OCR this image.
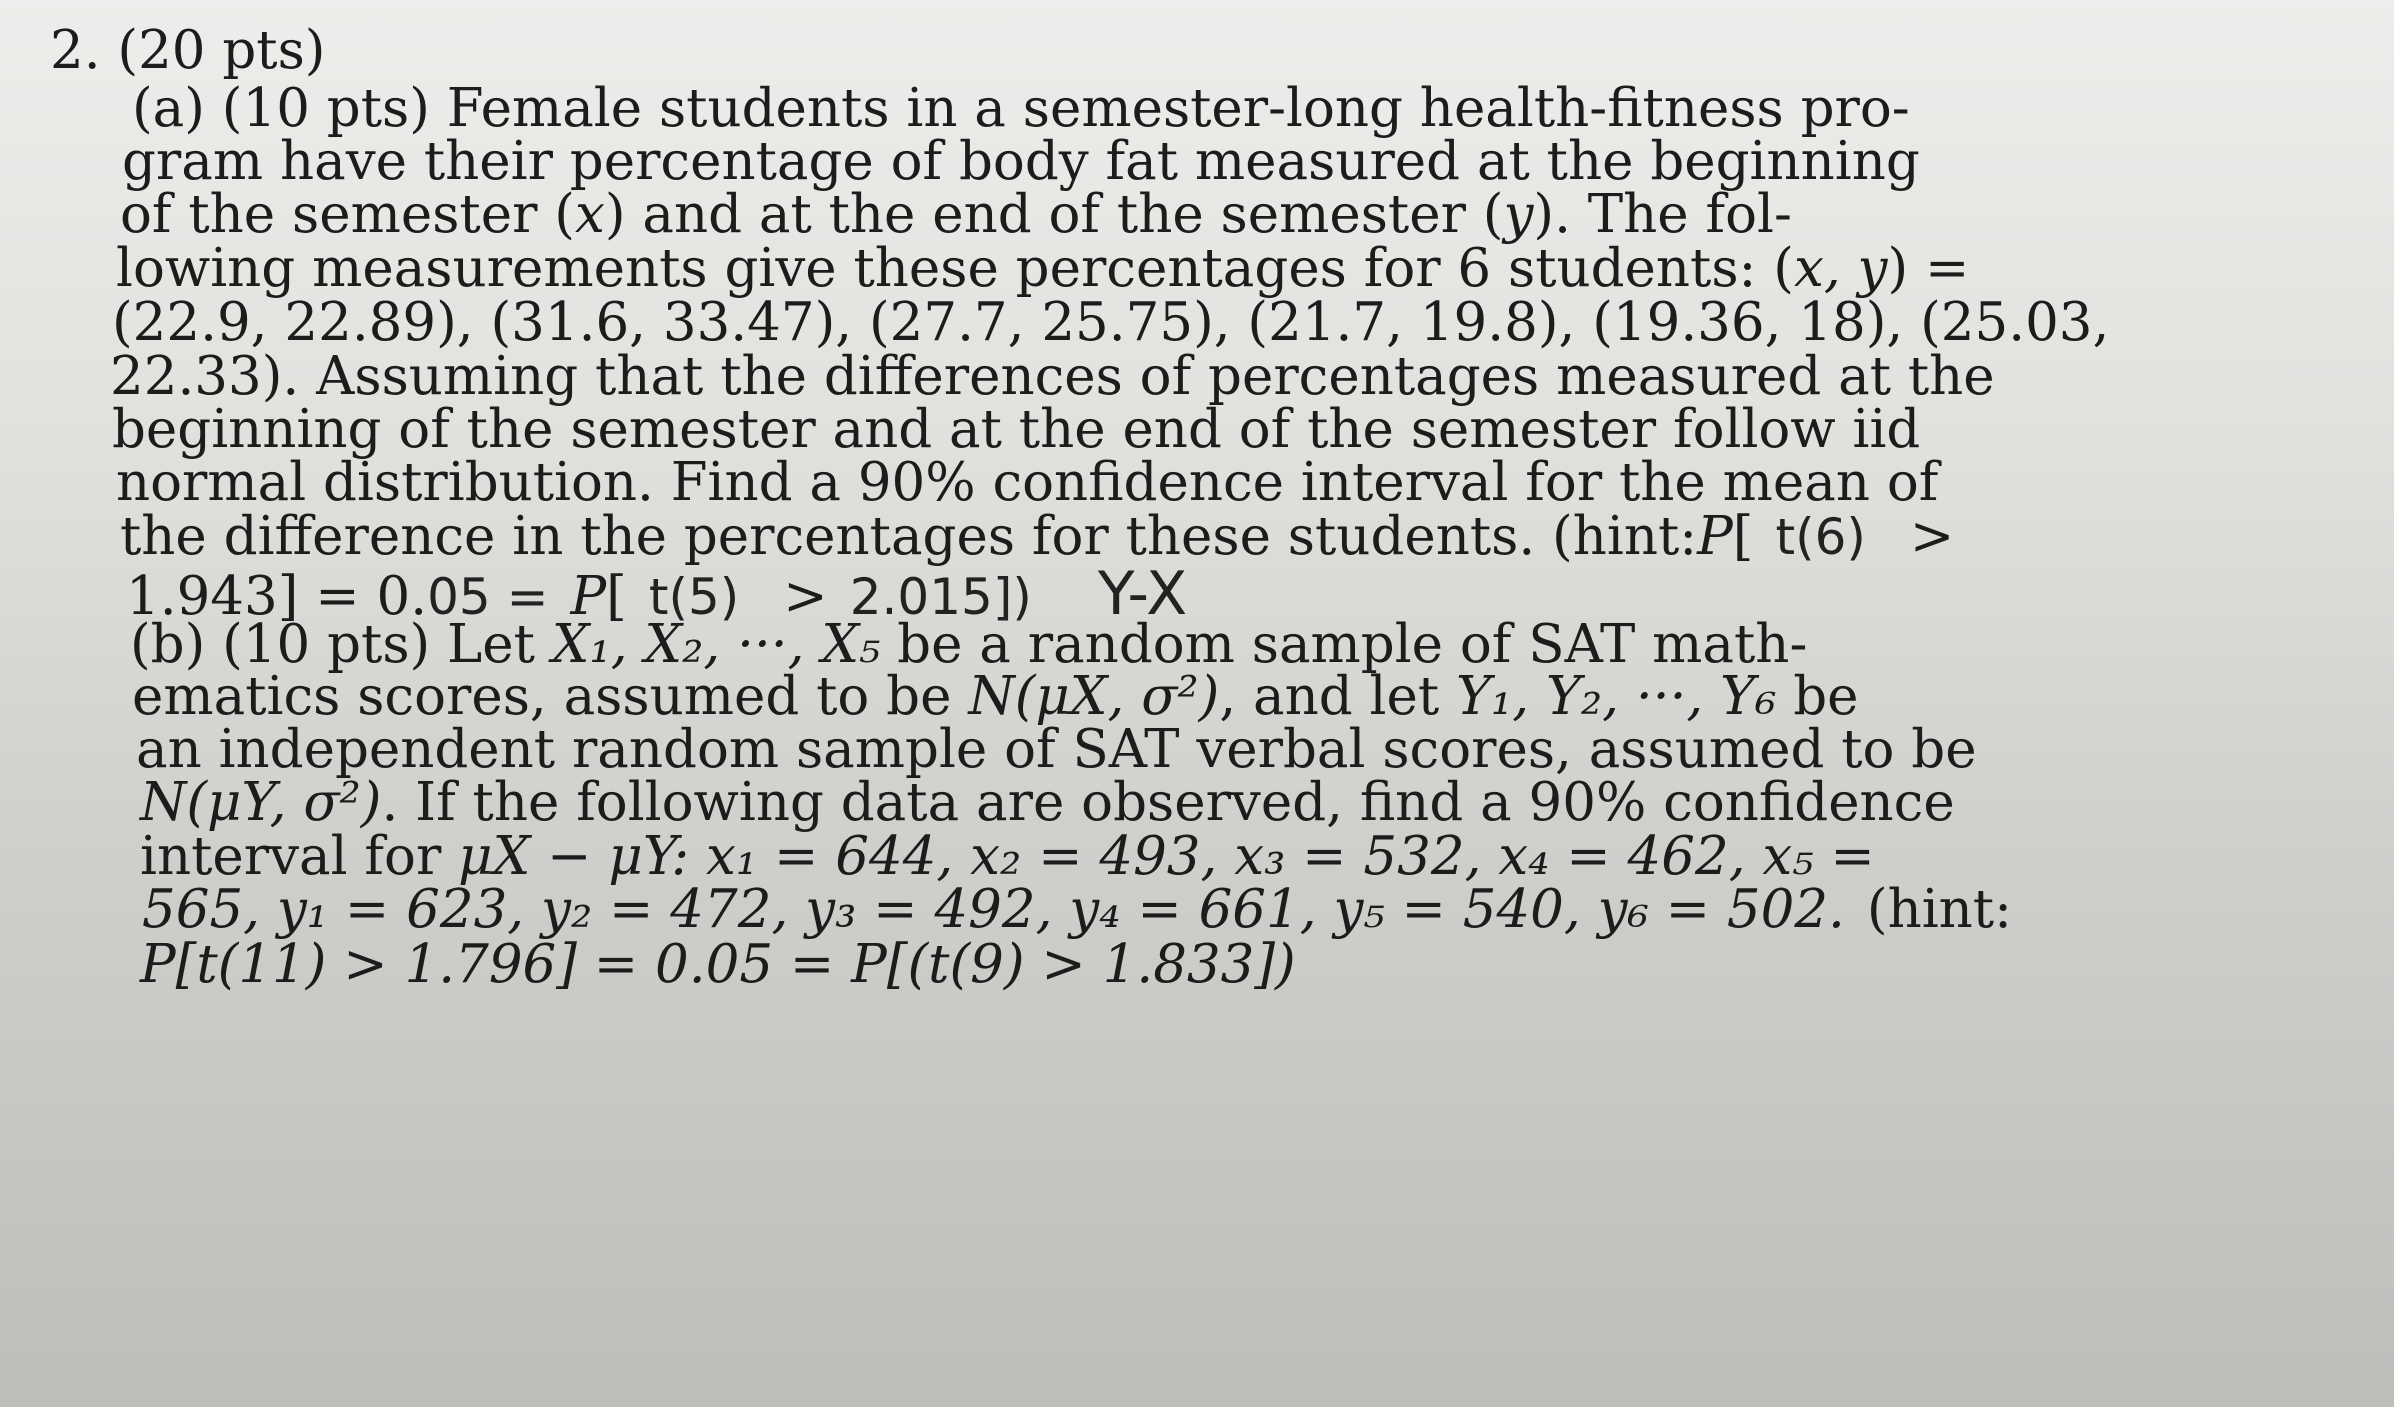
2. (20 pts)
(a) (10 pts) Female students in a semester-long health-fitness pro-
gram have their percentage of body fat measured at the beginning
of the semester (x) and at the end of the semester (y). The fol-
lowing measurements give these percentages for 6 students: (x, y) =
(22.9, 22.89), (31.6, 33.47), (27.7, 25.75), (21.7, 19.8), (19.36, 18), (25.03,
22.33). Assuming that the differences of percentages measured at the
beginning of the semester and at the end of the semester follow iid
normal distribution. Find a 90% confidence interval for the mean of
the difference in the percentages for these students. (hint:P[ t(6) >
1.943] = 0.05 = P[ t(5) > 2.015]) Y-X
(b) (10 pts) Let X₁, X₂, ···, X₅ be a random sample of SAT math-
ematics scores, assumed to be N(μX, σ²), and let Y₁, Y₂, ···, Y₆ be
an independent random sample of SAT verbal scores, assumed to be
N(μY, σ²). If the following data are observed, find a 90% confidence
interval for μX − μY: x₁ = 644, x₂ = 493, x₃ = 532, x₄ = 462, x₅ =
565, y₁ = 623, y₂ = 472, y₃ = 492, y₄ = 661, y₅ = 540, y₆ = 502. (hint:
P[t(11) > 1.796] = 0.05 = P[(t(9) > 1.833])
